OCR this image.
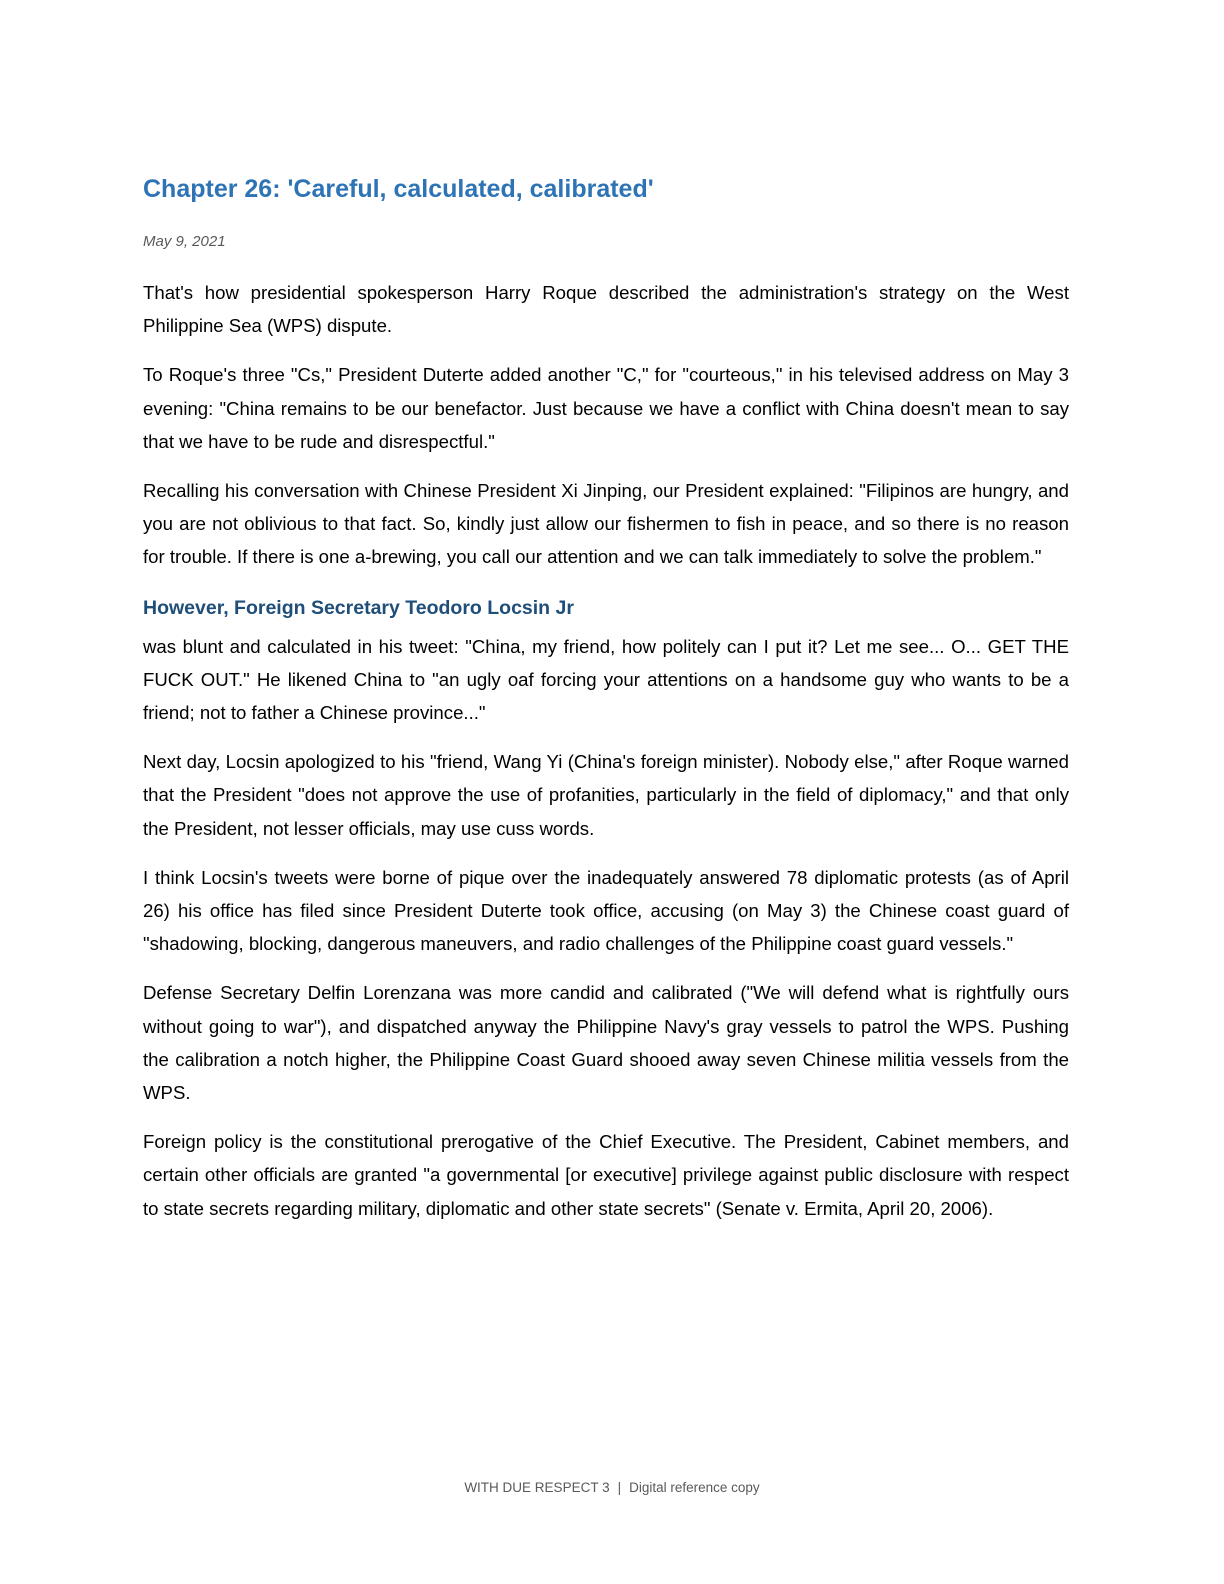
Chapter 26: 'Careful, calculated, calibrated'
May 9, 2021

That's how presidential spokesperson Harry Roque described the administration's strategy on the West Philippine Sea (WPS) dispute.

To Roque's three "Cs," President Duterte added another "C," for "courteous," in his televised address on May 3 evening: "China remains to be our benefactor. Just because we have a conflict with China doesn't mean to say that we have to be rude and disrespectful."

Recalling his conversation with Chinese President Xi Jinping, our President explained: "Filipinos are hungry, and you are not oblivious to that fact. So, kindly just allow our fishermen to fish in peace, and so there is no reason for trouble. If there is one a-brewing, you call our attention and we can talk immediately to solve the problem."

However, Foreign Secretary Teodoro Locsin Jr

was blunt and calculated in his tweet: "China, my friend, how politely can I put it? Let me see... O... GET THE FUCK OUT." He likened China to "an ugly oaf forcing your attentions on a handsome guy who wants to be a friend; not to father a Chinese province..."

Next day, Locsin apologized to his "friend, Wang Yi (China's foreign minister). Nobody else," after Roque warned that the President "does not approve the use of profanities, particularly in the field of diplomacy," and that only the President, not lesser officials, may use cuss words.

I think Locsin's tweets were borne of pique over the inadequately answered 78 diplomatic protests (as of April 26) his office has filed since President Duterte took office, accusing (on May 3) the Chinese coast guard of "shadowing, blocking, dangerous maneuvers, and radio challenges of the Philippine coast guard vessels."

Defense Secretary Delfin Lorenzana was more candid and calibrated ("We will defend what is rightfully ours without going to war"), and dispatched anyway the Philippine Navy's gray vessels to patrol the WPS. Pushing the calibration a notch higher, the Philippine Coast Guard shooed away seven Chinese militia vessels from the WPS.

Foreign policy is the constitutional prerogative of the Chief Executive. The President, Cabinet members, and certain other officials are granted "a governmental [or executive] privilege against public disclosure with respect to state secrets regarding military, diplomatic and other state secrets" (Senate v. Ermita, April 20, 2006).

WITH DUE RESPECT 3 | Digital reference copy
